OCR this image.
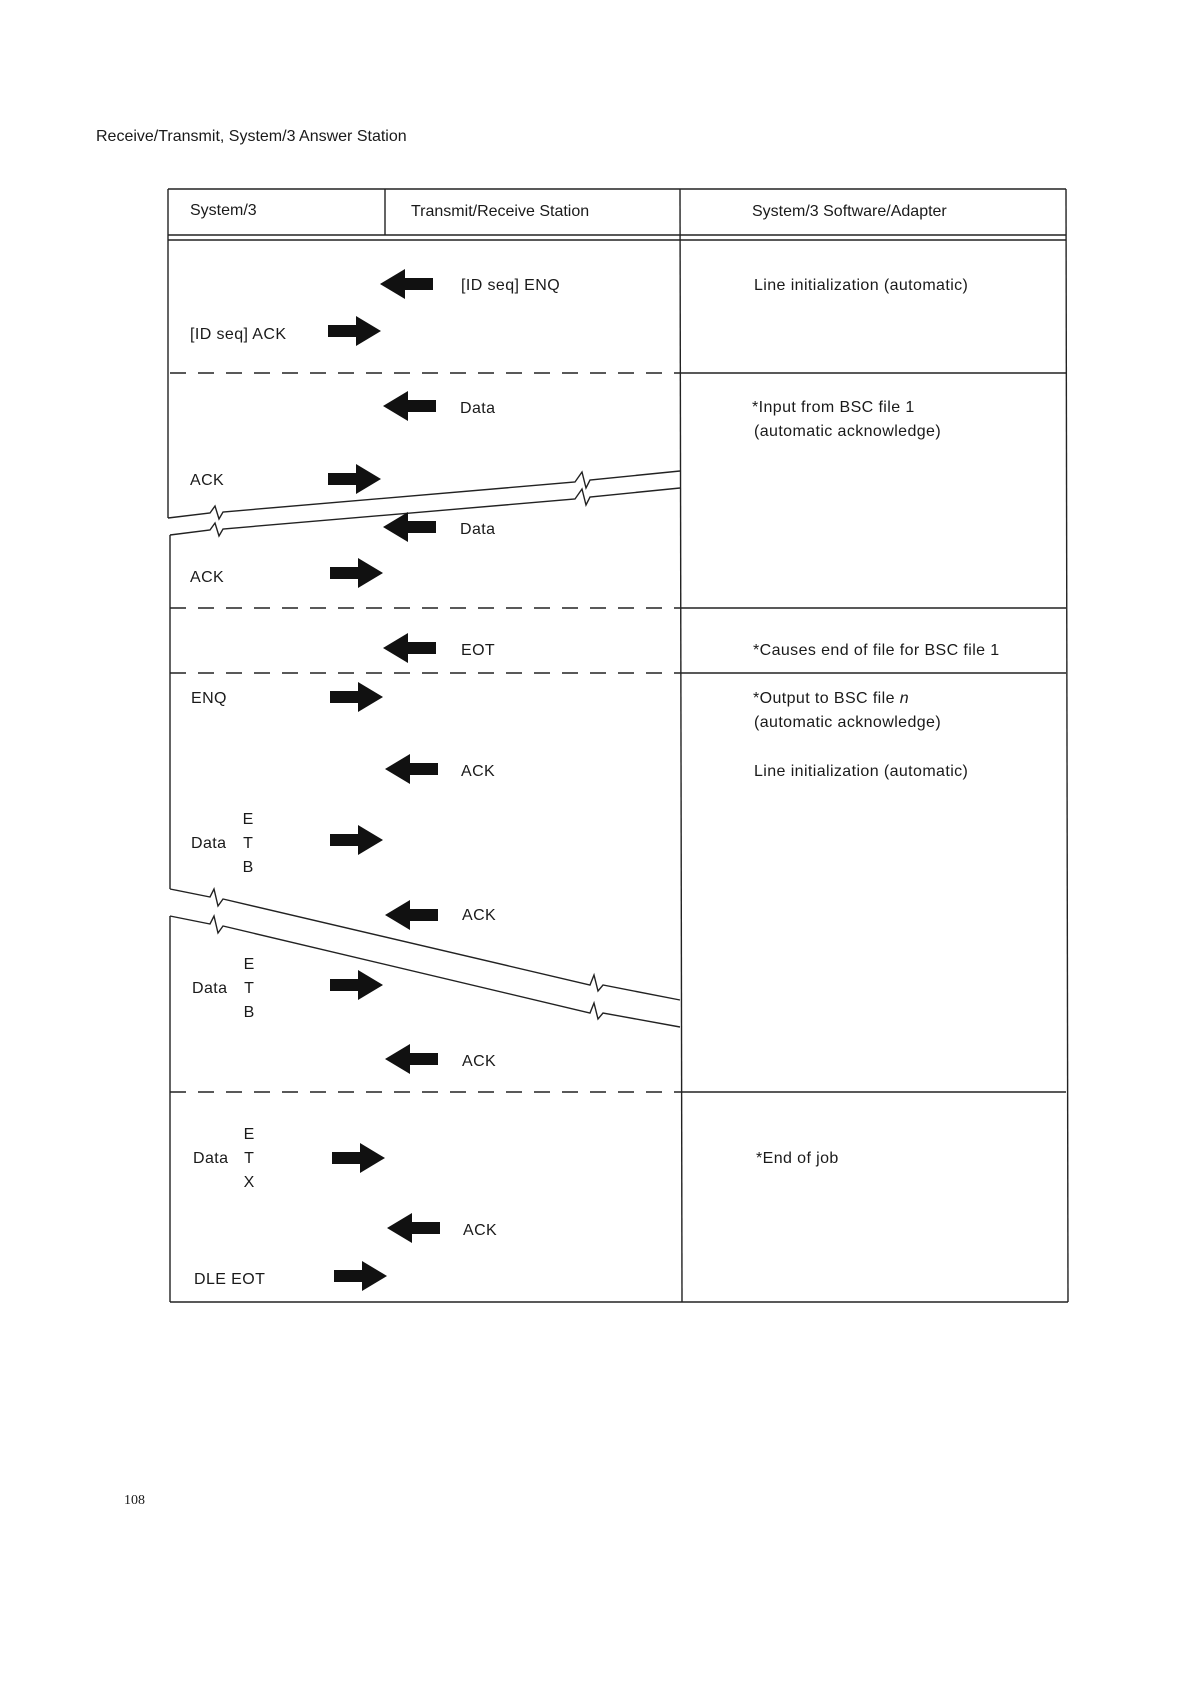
Receive/Transmit, System/3 Answer Station
System/3	Transmit/Receive Station	System/3 Software/Adapter
[ID seq] ENQ
[ID seq] ACK
Data
ACK
Data
ACK
EOT
ENQ
ACK
Data
ACK
Data
ACK
Data
ACK
DLE EOT
E
T
B
E
T
B
E
T
X
Line initialization (automatic)
*Input from BSC file 1
(automatic acknowledge)
*Causes end of file for BSC file 1
*Output to BSC file n
(automatic acknowledge)
Line initialization (automatic)
*End of job
108
